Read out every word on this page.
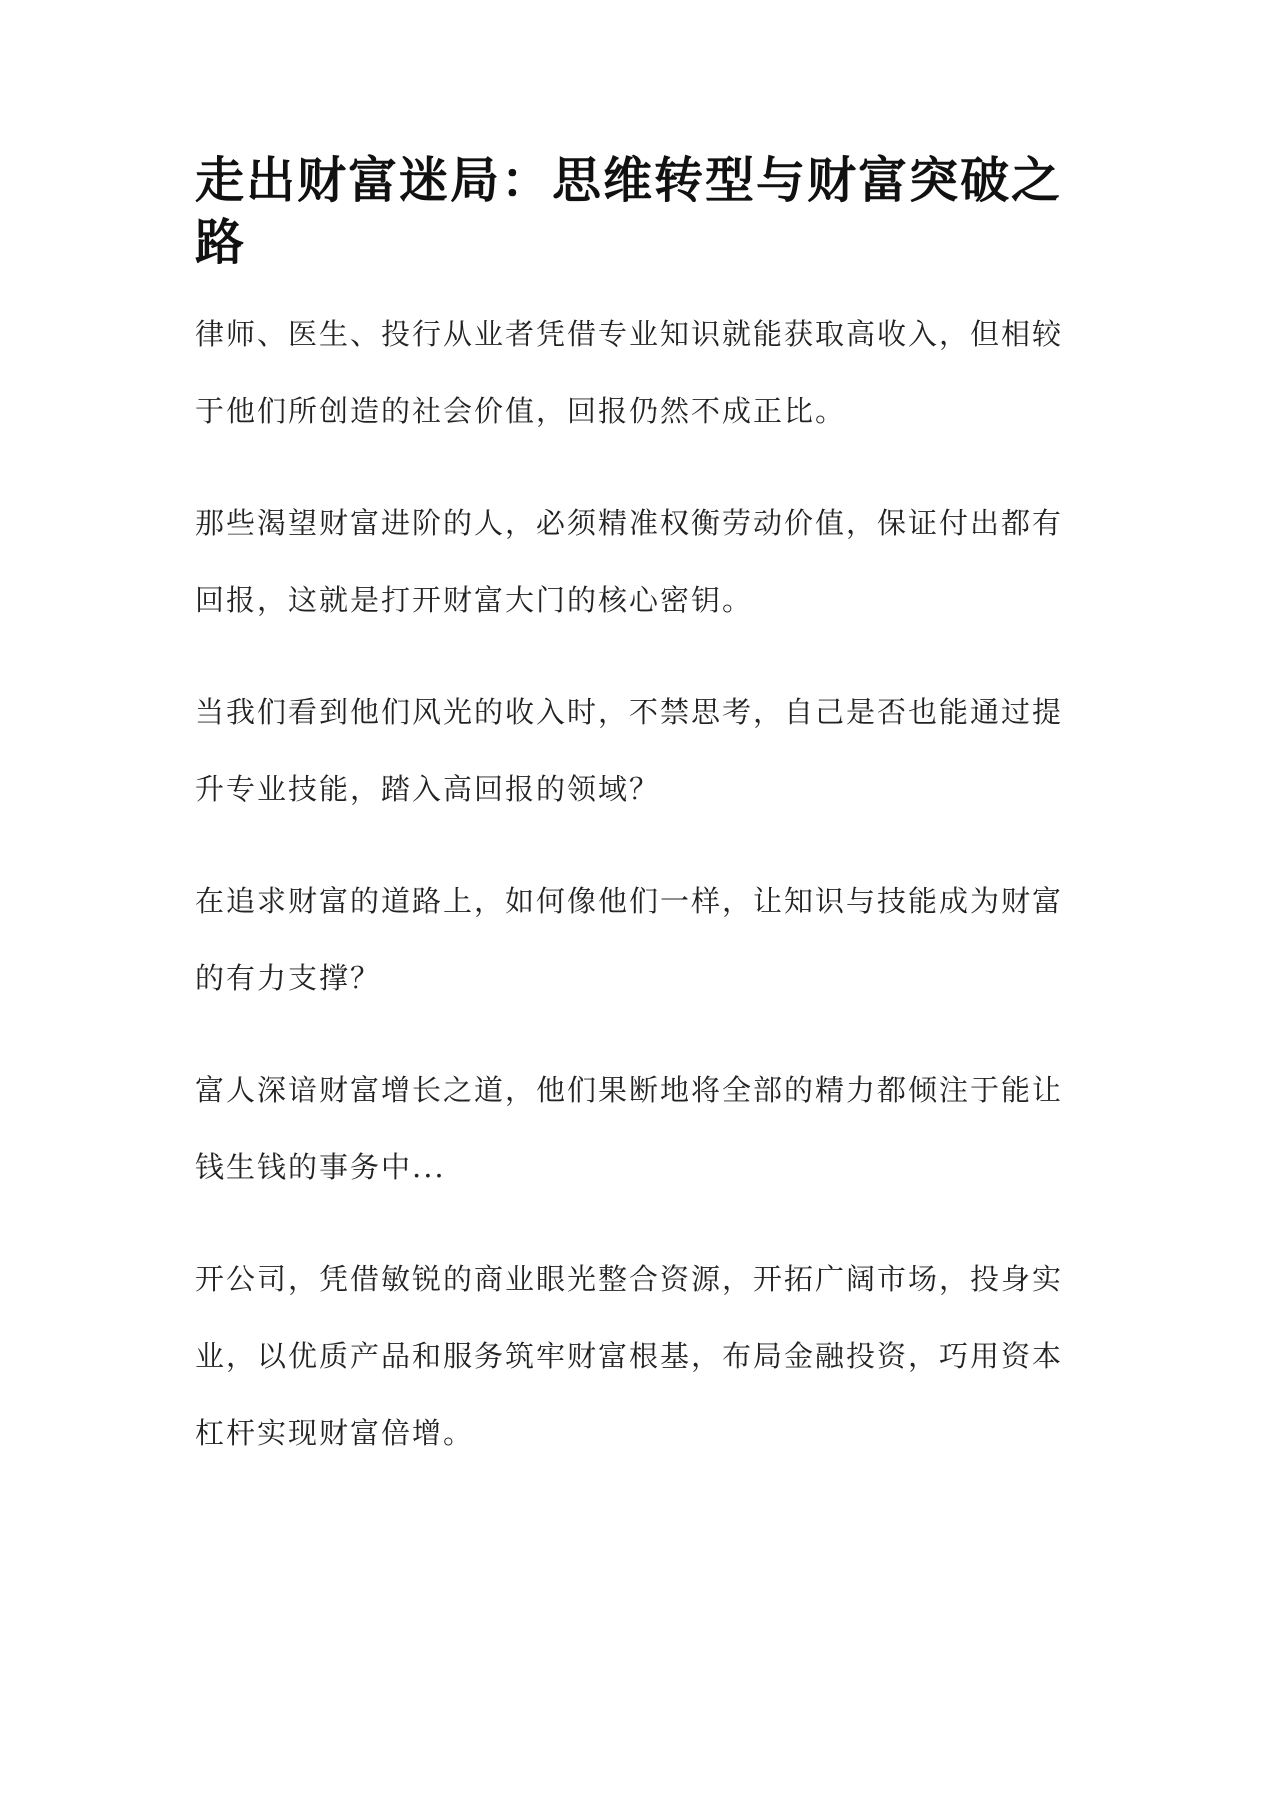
走出财富迷局：思维转型与财富突破之路

律师、医生、投行从业者凭借专业知识就能获取高收入，但相较于他们所创造的社会价值，回报仍然不成正比。

那些渴望财富进阶的人，必须精准权衡劳动价值，保证付出都有回报，这就是打开财富大门的核心密钥。

当我们看到他们风光的收入时，不禁思考，自己是否也能通过提升专业技能，踏入高回报的领域？

在追求财富的道路上，如何像他们一样，让知识与技能成为财富的有力支撑？

富人深谙财富增长之道，他们果断地将全部的精力都倾注于能让钱生钱的事务中...

开公司，凭借敏锐的商业眼光整合资源，开拓广阔市场，投身实业，以优质产品和服务筑牢财富根基，布局金融投资，巧用资本杠杆实现财富倍增。
